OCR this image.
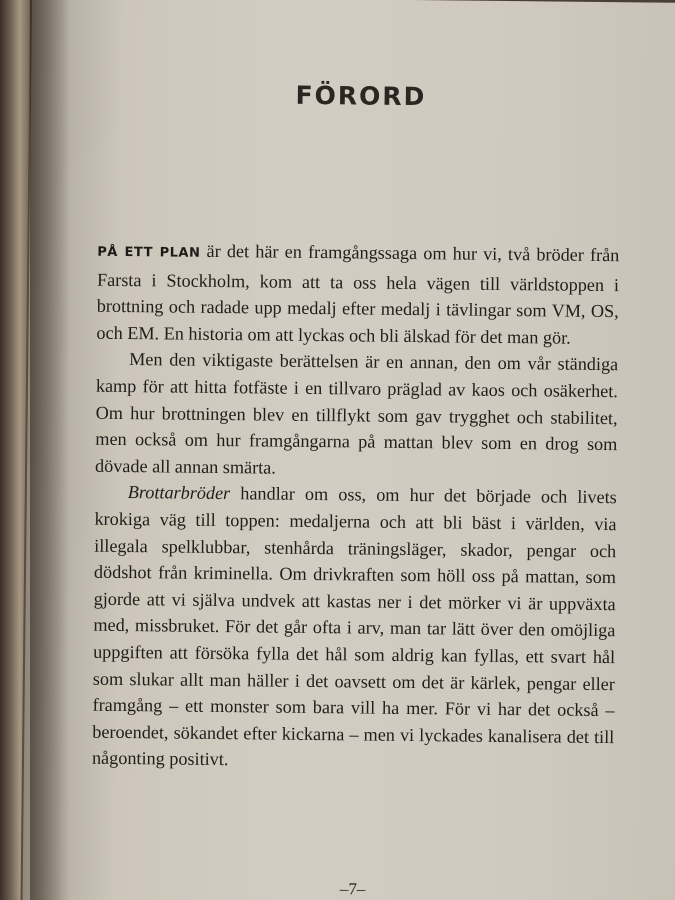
FÖRORD

PÅ ETT PLAN är det här en framgångssaga om hur vi, två bröder från Farsta i Stockholm, kom att ta oss hela vägen till världstoppen i brottning och radade upp medalj efter medalj i tävlingar som VM, OS, och EM. En historia om att lyckas och bli älskad för det man gör.

Men den viktigaste berättelsen är en annan, den om vår ständiga kamp för att hitta fotfäste i en tillvaro präglad av kaos och osäkerhet. Om hur brottningen blev en tillflykt som gav trygghet och stabilitet, men också om hur framgångarna på mattan blev som en drog som dövade all annan smärta.

Brottarbröder handlar om oss, om hur det började och livets krokiga väg till toppen: medaljerna och att bli bäst i världen, via illegala spelklubbar, stenhårda träningsläger, skador, pengar och dödshot från kriminella. Om drivkraften som höll oss på mattan, som gjorde att vi själva undvek att kastas ner i det mörker vi är uppväxta med, missbruket. För det går ofta i arv, man tar lätt över den omöjliga uppgiften att försöka fylla det hål som aldrig kan fyllas, ett svart hål som slukar allt man häller i det oavsett om det är kärlek, pengar eller framgång – ett monster som bara vill ha mer. För vi har det också – beroendet, sökandet efter kickarna – men vi lyckades kanalisera det till någonting positivt.

–7–
